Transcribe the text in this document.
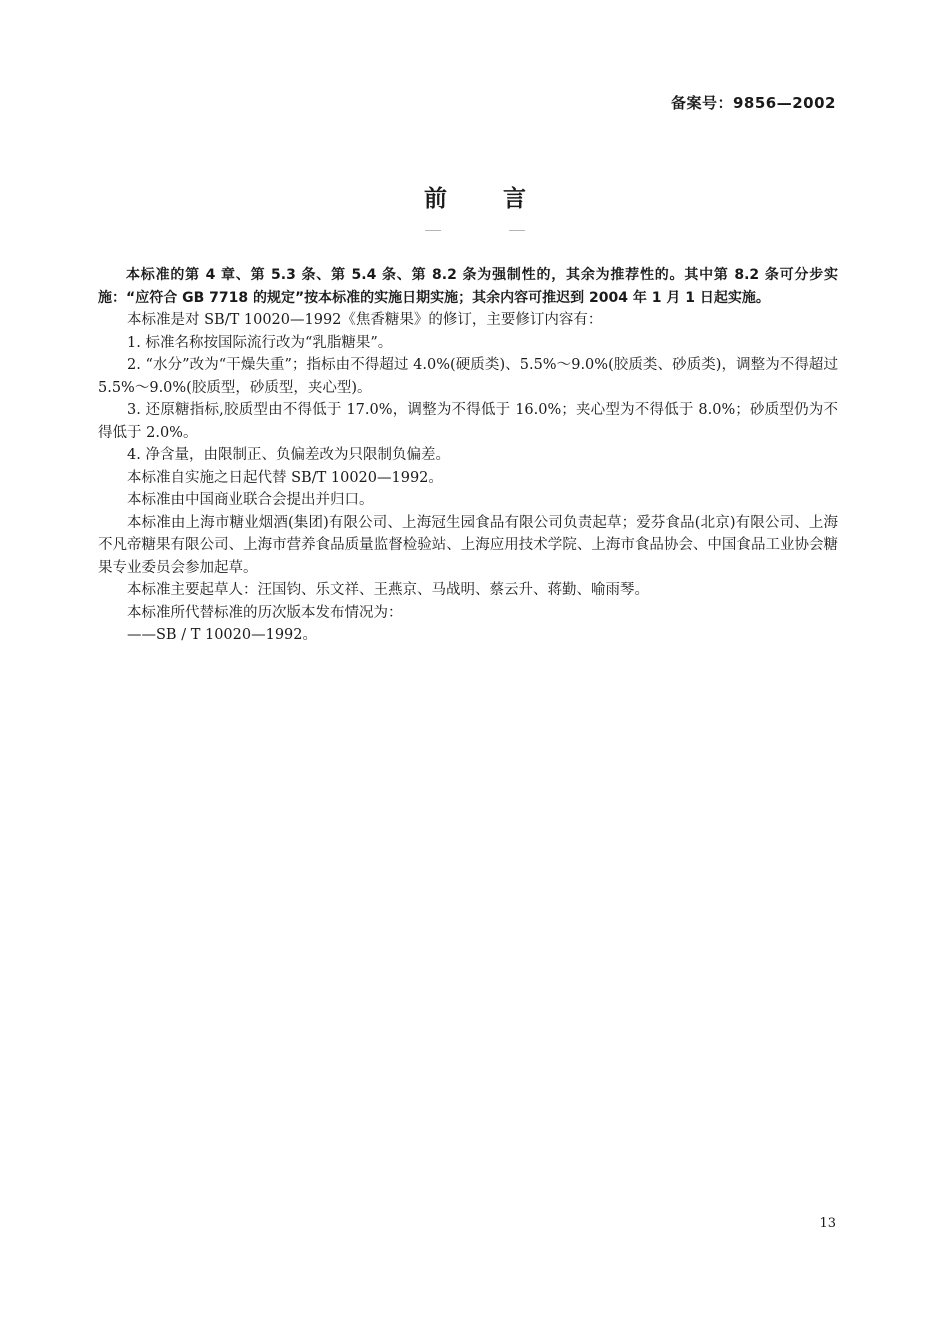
备案号：9856—2002
前言

本标准的第 4 章、第 5.3 条、第 5.4 条、第 8.2 条为强制性的，其余为推荐性的。其中第 8.2 条可分步实施：“应符合 GB 7718 的规定”按本标准的实施日期实施；其余内容可推迟到 2004 年 1 月 1 日起实施。

本标准是对 SB/T 10020—1992《焦香糖果》的修订，主要修订内容有：

1. 标准名称按国际流行改为“乳脂糖果”。

2. “水分”改为“干燥失重”；指标由不得超过 4.0%(硬质类)、5.5%～9.0%(胶质类、砂质类)，调整为不得超过 5.5%～9.0%(胶质型，砂质型，夹心型)。

3. 还原糖指标,胶质型由不得低于 17.0%，调整为不得低于 16.0%；夹心型为不得低于 8.0%；砂质型仍为不得低于 2.0%。

4. 净含量，由限制正、负偏差改为只限制负偏差。

本标准自实施之日起代替 SB/T 10020—1992。

本标准由中国商业联合会提出并归口。

本标准由上海市糖业烟酒(集团)有限公司、上海冠生园食品有限公司负责起草；爱芬食品(北京)有限公司、上海不凡帝糖果有限公司、上海市营养食品质量监督检验站、上海应用技术学院、上海市食品协会、中国食品工业协会糖果专业委员会参加起草。

本标准主要起草人：汪国钧、乐文祥、王燕京、马战明、蔡云升、蒋勤、喻雨琴。

本标准所代替标准的历次版本发布情况为：

——SB / T 10020—1992。

13
